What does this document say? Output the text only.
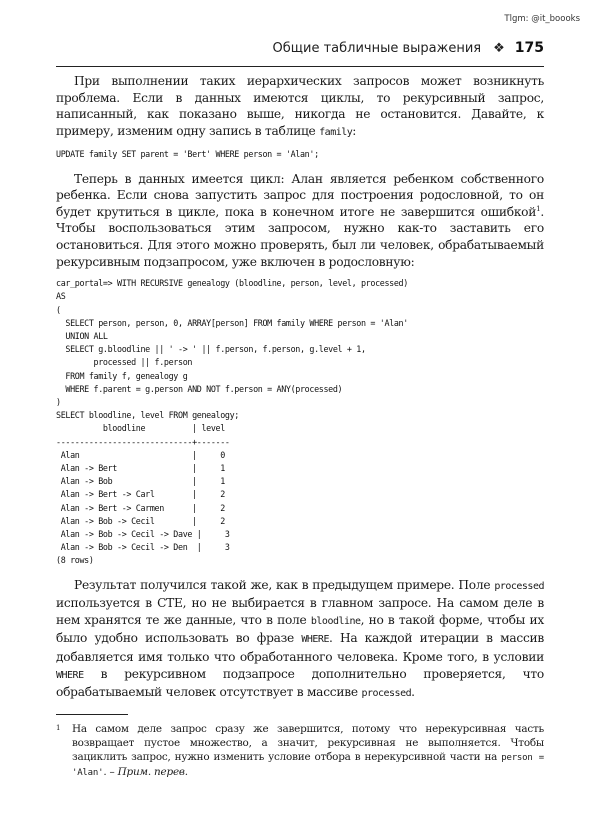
Tlgm: @it_boooks
Общие табличные выражения ❖ 175

При выполнении таких иерархических запросов может возникнуть проблема. Если в данных имеются циклы, то рекурсивный запрос, написанный, как показано выше, никогда не остановится. Давайте, к примеру, изменим одну запись в таблице family:

UPDATE family SET parent = 'Bert' WHERE person = 'Alan';

Теперь в данных имеется цикл: Алан является ребенком собственного ребенка. Если снова запустить запрос для построения родословной, то он будет крутиться в цикле, пока в конечном итоге не завершится ошибкой$^1$. Чтобы воспользоваться этим запросом, нужно как-то заставить его остановиться. Для этого можно проверять, был ли человек, обрабатываемый рекурсивным подзапросом, уже включен в родословную:

car_portal=> WITH RECURSIVE genealogy (bloodline, person, level, processed)
AS
(
SELECT person, person, 0, ARRAY[person] FROM family WHERE person = 'Alan'
UNION ALL
SELECT g.bloodline || ' -> ' || f.person, f.person, g.level + 1,
processed || f.person
FROM family f, genealogy g
WHERE f.parent = g.person AND NOT f.person = ANY(processed)
)
SELECT bloodline, level FROM genealogy;
bloodline          | level
-----------------------------+-------
Alan                        |     0
Alan -> Bert                |     1
Alan -> Bob                 |     1
Alan -> Bert -> Carl        |     2
Alan -> Bert -> Carmen      |     2
Alan -> Bob -> Cecil        |     2
Alan -> Bob -> Cecil -> Dave |     3
Alan -> Bob -> Cecil -> Den  |     3
(8 rows)

Результат получился такой же, как в предыдущем примере. Поле processed используется в CTE, но не выбирается в главном запросе. На самом деле в нем хранятся те же данные, что в поле bloodline, но в такой форме, чтобы их было удобно использовать во фразе WHERE. На каждой итерации в массив добавляется имя только что обработанного человека. Кроме того, в условии WHERE в рекурсивном подзапросе дополнительно проверяется, что обрабатываемый человек отсутствует в массиве processed.

1	На самом деле запрос сразу же завершится, потому что нерекурсивная часть возвращает пустое множество, а значит, рекурсивная не выполняется. Чтобы зациклить запрос, нужно изменить условие отбора в нерекурсивной части на person = 'Alan'. – Прим. перев.
